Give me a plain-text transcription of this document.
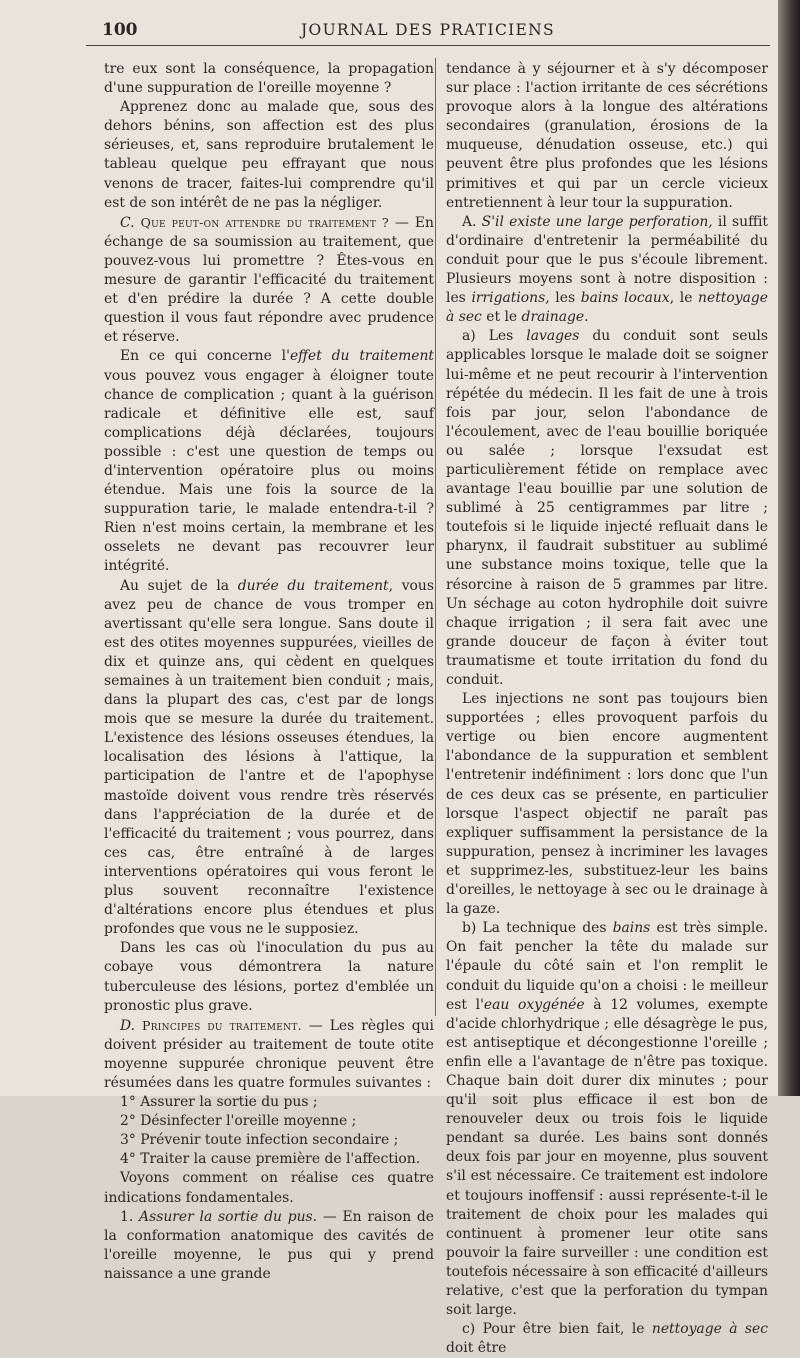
100	JOURNAL DES PRATICIENS

tre eux sont la conséquence, la propagation d'une suppuration de l'oreille moyenne ?

Apprenez donc au malade que, sous des dehors bénins, son affection est des plus sérieuses, et, sans reproduire brutalement le tableau quelque peu effrayant que nous venons de tracer, faites-lui comprendre qu'il est de son intérêt de ne pas la négliger.

C. Que peut-on attendre du traitement ? — En échange de sa soumission au traitement, que pouvez-vous lui promettre ? Êtes-vous en mesure de garantir l'efficacité du traitement et d'en prédire la durée ? A cette double question il vous faut répondre avec prudence et réserve.

En ce qui concerne l'effet du traitement vous pouvez vous engager à éloigner toute chance de complication ; quant à la guérison radicale et définitive elle est, sauf complications déjà déclarées, toujours possible : c'est une question de temps ou d'intervention opératoire plus ou moins étendue. Mais une fois la source de la suppuration tarie, le malade entendra-t-il ? Rien n'est moins certain, la membrane et les osselets ne devant pas recouvrer leur intégrité.

Au sujet de la durée du traitement, vous avez peu de chance de vous tromper en avertissant qu'elle sera longue. Sans doute il est des otites moyennes suppurées, vieilles de dix et quinze ans, qui cèdent en quelques semaines à un traitement bien conduit ; mais, dans la plupart des cas, c'est par de longs mois que se mesure la durée du traitement. L'existence des lésions osseuses étendues, la localisation des lésions à l'attique, la participation de l'antre et de l'apophyse mastoïde doivent vous rendre très réservés dans l'appréciation de la durée et de l'efficacité du traitement ; vous pourrez, dans ces cas, être entraîné à de larges interventions opératoires qui vous feront le plus souvent reconnaître l'existence d'altérations encore plus étendues et plus profondes que vous ne le supposiez.

Dans les cas où l'inoculation du pus au cobaye vous démontrera la nature tuberculeuse des lésions, portez d'emblée un pronostic plus grave.

D. Principes du traitement. — Les règles qui doivent présider au traitement de toute otite moyenne suppurée chronique peuvent être résumées dans les quatre formules suivantes :

1° Assurer la sortie du pus ;

2° Désinfecter l'oreille moyenne ;

3° Prévenir toute infection secondaire ;

4° Traiter la cause première de l'affection.

Voyons comment on réalise ces quatre indications fondamentales.

1. Assurer la sortie du pus. — En raison de la conformation anatomique des cavités de l'oreille moyenne, le pus qui y prend naissance a une grande

tendance à y séjourner et à s'y décomposer sur place : l'action irritante de ces sécrétions provoque alors à la longue des altérations secondaires (granulation, érosions de la muqueuse, dénudation osseuse, etc.) qui peuvent être plus profondes que les lésions primitives et qui par un cercle vicieux entretiennent à leur tour la suppuration.

A. S'il existe une large perforation, il suffit d'ordinaire d'entretenir la perméabilité du conduit pour que le pus s'écoule librement. Plusieurs moyens sont à notre disposition : les irrigations, les bains locaux, le nettoyage à sec et le drainage.

a) Les lavages du conduit sont seuls applicables lorsque le malade doit se soigner lui-même et ne peut recourir à l'intervention répétée du médecin. Il les fait de une à trois fois par jour, selon l'abondance de l'écoulement, avec de l'eau bouillie boriquée ou salée ; lorsque l'exsudat est particulièrement fétide on remplace avec avantage l'eau bouillie par une solution de sublimé à 25 centigrammes par litre ; toutefois si le liquide injecté refluait dans le pharynx, il faudrait substituer au sublimé une substance moins toxique, telle que la résorcine à raison de 5 grammes par litre. Un séchage au coton hydrophile doit suivre chaque irrigation ; il sera fait avec une grande douceur de façon à éviter tout traumatisme et toute irritation du fond du conduit.

Les injections ne sont pas toujours bien supportées ; elles provoquent parfois du vertige ou bien encore augmentent l'abondance de la suppuration et semblent l'entretenir indéfiniment : lors donc que l'un de ces deux cas se présente, en particulier lorsque l'aspect objectif ne paraît pas expliquer suffisamment la persistance de la suppuration, pensez à incriminer les lavages et supprimez-les, substituez-leur les bains d'oreilles, le nettoyage à sec ou le drainage à la gaze.

b) La technique des bains est très simple. On fait pencher la tête du malade sur l'épaule du côté sain et l'on remplit le conduit du liquide qu'on a choisi : le meilleur est l'eau oxygénée à 12 volumes, exempte d'acide chlorhydrique ; elle désagrège le pus, est antiseptique et décongestionne l'oreille ; enfin elle a l'avantage de n'être pas toxique. Chaque bain doit durer dix minutes ; pour qu'il soit plus efficace il est bon de renouveler deux ou trois fois le liquide pendant sa durée. Les bains sont donnés deux fois par jour en moyenne, plus souvent s'il est nécessaire. Ce traitement est indolore et toujours inoffensif : aussi représente-t-il le traitement de choix pour les malades qui continuent à promener leur otite sans pouvoir la faire surveiller : une condition est toutefois nécessaire à son efficacité d'ailleurs relative, c'est que la perforation du tympan soit large.

c) Pour être bien fait, le nettoyage à sec doit être
